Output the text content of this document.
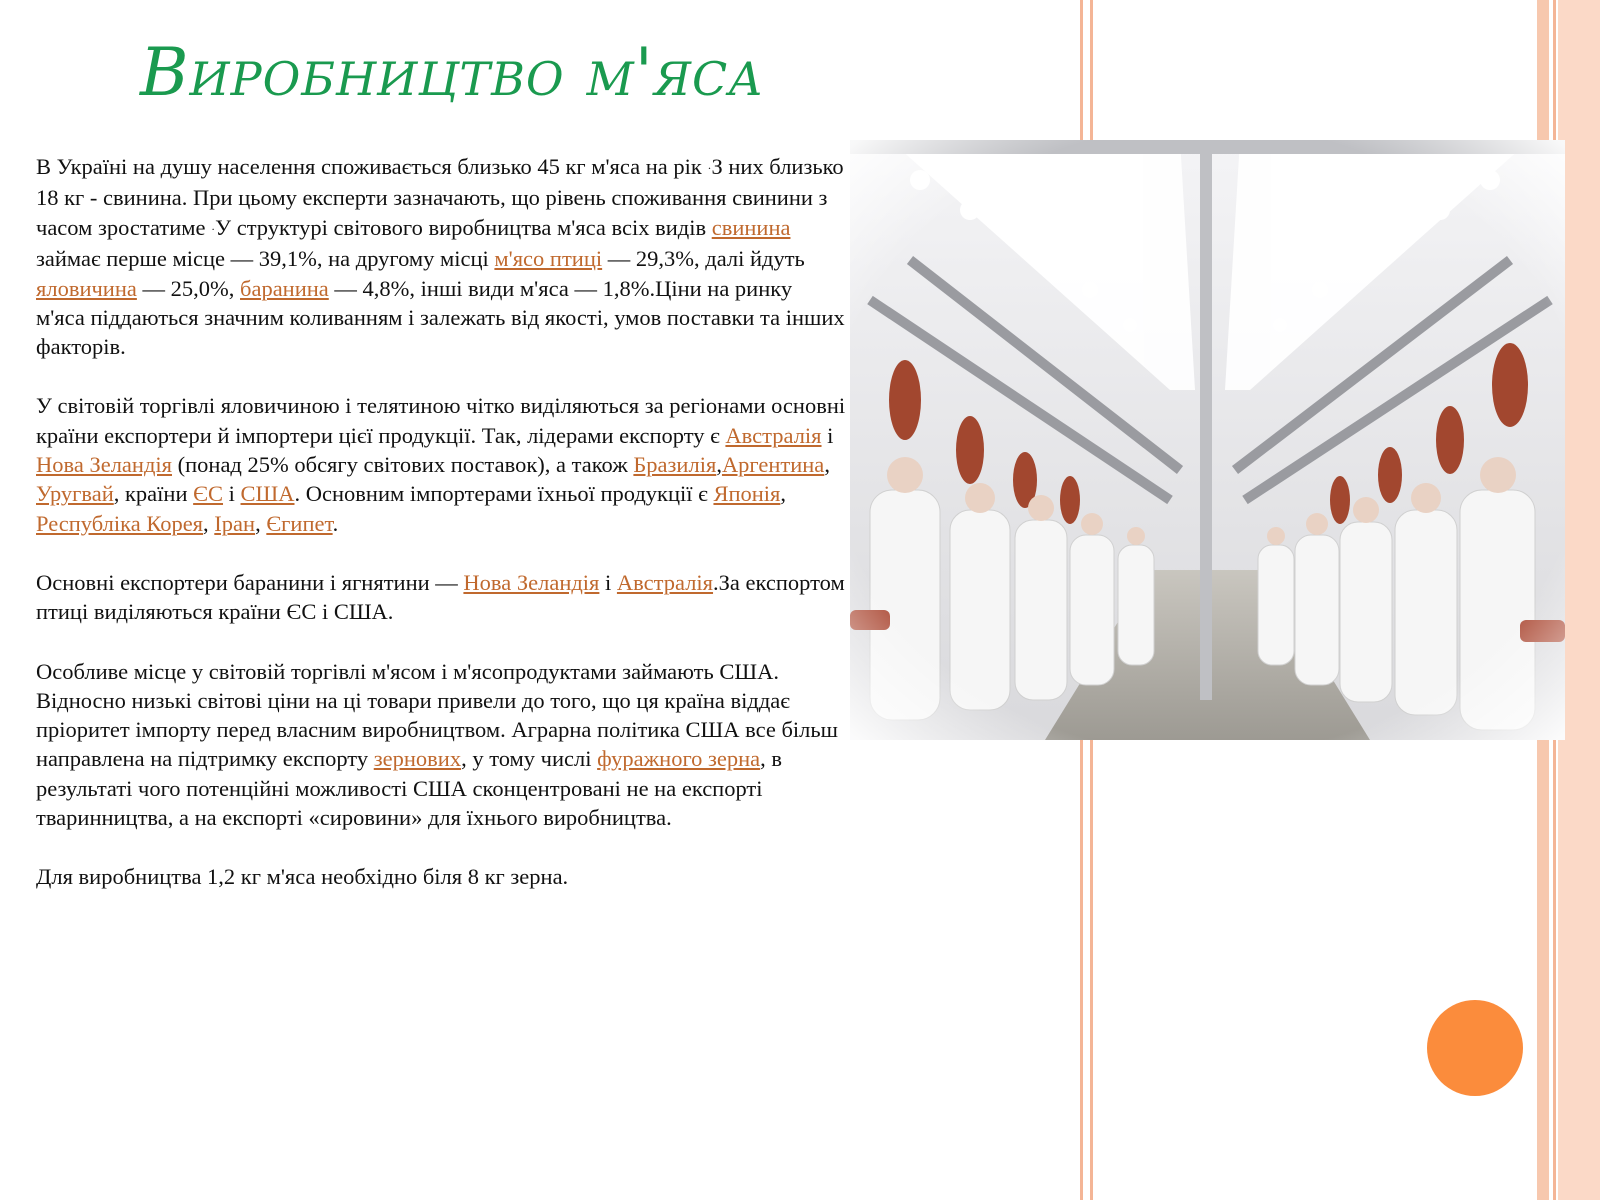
Виробництво м'яса

В Україні на душу населення споживається близько 45 кг м'яса на рік ·З них близько 18 кг - свинина. При цьому експерти зазначають, що рівень споживання свинини з часом зростатиме ·У структурі світового виробництва м'яса всіх видів свинина займає перше місце — 39,1%, на другому місці м'ясо птиці — 29,3%, далі йдуть яловичина — 25,0%, баранина — 4,8%, інші види м'яса — 1,8%.Ціни на ринку м'яса піддаються значним коливанням і залежать від якості, умов поставки та інших факторів.

У світовій торгівлі яловичиною і телятиною чітко виділяються за регіонами основні країни експортери й імпортери цієї продукції. Так, лідерами експорту є Австралія і Нова Зеландія (понад 25% обсягу світових поставок), а також Бразилія,Аргентина, Уругвай, країни ЄС і США. Основним імпортерами їхньої продукції є Японія, Республіка Корея, Іран, Єгипет.

Основні експортери баранини і ягнятини — Нова Зеландія і Австралія.За експортом птиці виділяються країни ЄС і США.

Особливе місце у світовій торгівлі м'ясом і м'ясопродуктами займають США. Відносно низькі світові ціни на ці товари привели до того, що ця країна віддає пріоритет імпорту перед власним виробництвом. Аграрна політика США все більш направлена на підтримку експорту зернових, у тому числі фуражного зерна, в результаті чого потенційні можливості США сконцентровані не на експорті тваринництва, а на експорті «сировини» для їхнього виробництва.

Для виробництва 1,2 кг м'яса необхідно біля 8 кг зерна.
